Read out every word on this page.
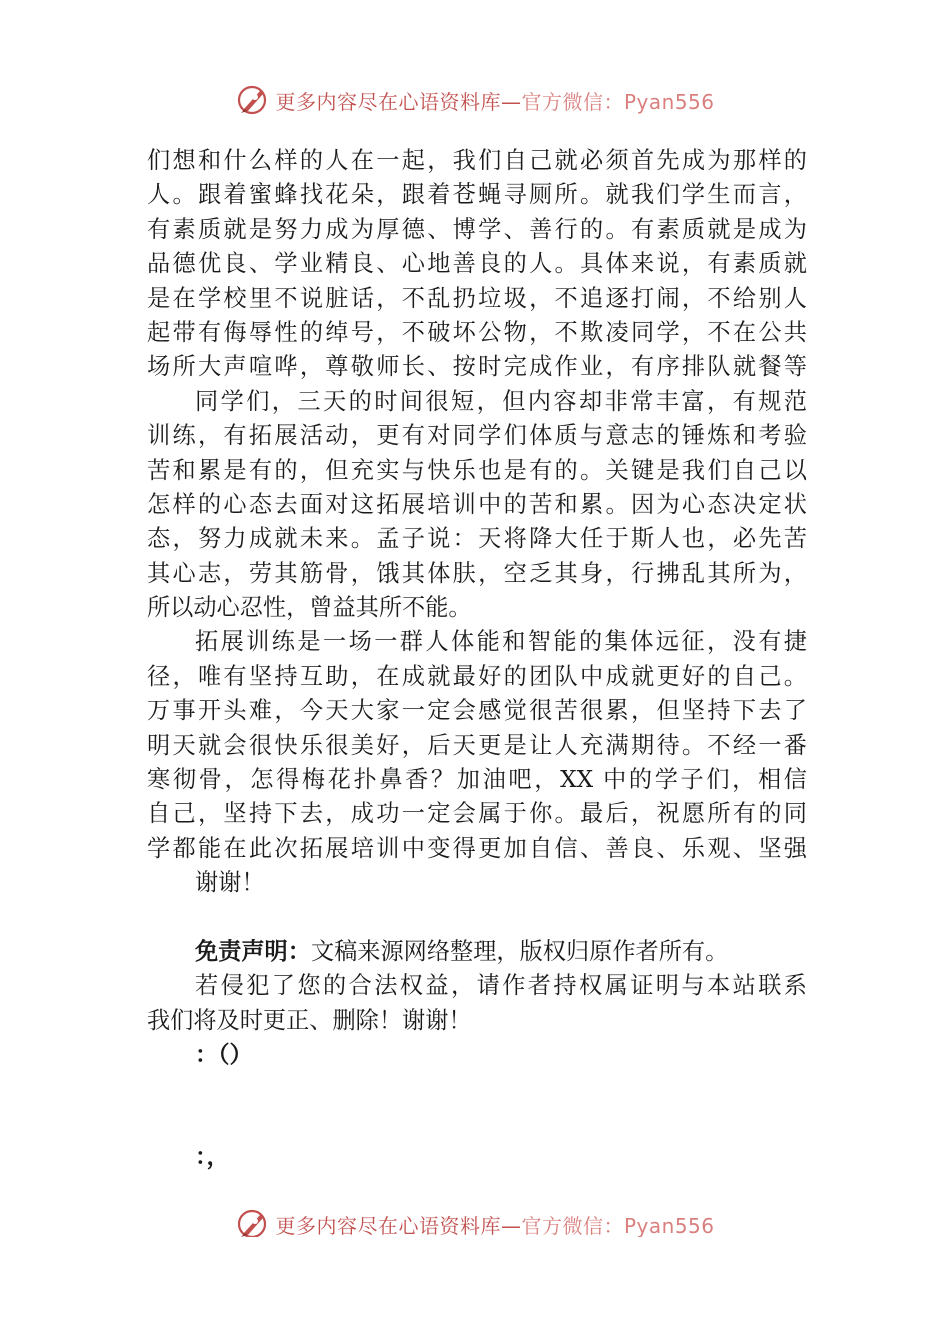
更多内容尽在心语资料库—官方微信：Pyan556
们想和什么样的人在一起，我们自己就必须首先成为那样的
人。跟着蜜蜂找花朵，跟着苍蝇寻厕所。就我们学生而言，
有素质就是努力成为厚德、博学、善行的。有素质就是成为
品德优良、学业精良、心地善良的人。具体来说，有素质就
是在学校里不说脏话，不乱扔垃圾，不追逐打闹，不给别人
起带有侮辱性的绰号，不破坏公物，不欺凌同学，不在公共
场所大声喧哗，尊敬师长、按时完成作业，有序排队就餐等
同学们，三天的时间很短，但内容却非常丰富，有规范
训练，有拓展活动，更有对同学们体质与意志的锤炼和考验
苦和累是有的，但充实与快乐也是有的。关键是我们自己以
怎样的心态去面对这拓展培训中的苦和累。因为心态决定状
态，努力成就未来。孟子说：天将降大任于斯人也，必先苦
其心志，劳其筋骨，饿其体肤，空乏其身，行拂乱其所为，
所以动心忍性，曾益其所不能。
拓展训练是一场一群人体能和智能的集体远征，没有捷
径，唯有坚持互助，在成就最好的团队中成就更好的自己。
万事开头难，今天大家一定会感觉很苦很累，但坚持下去了
明天就会很快乐很美好，后天更是让人充满期待。不经一番
寒彻骨，怎得梅花扑鼻香？加油吧，XX 中的学子们，相信
自己，坚持下去，成功一定会属于你。最后，祝愿所有的同
学都能在此次拓展培训中变得更加自信、善良、乐观、坚强
谢谢！
免责声明：文稿来源网络整理，版权归原作者所有。
若侵犯了您的合法权益，请作者持权属证明与本站联系
我们将及时更正、删除！谢谢！
：（）
：，
更多内容尽在心语资料库—官方微信：Pyan556
